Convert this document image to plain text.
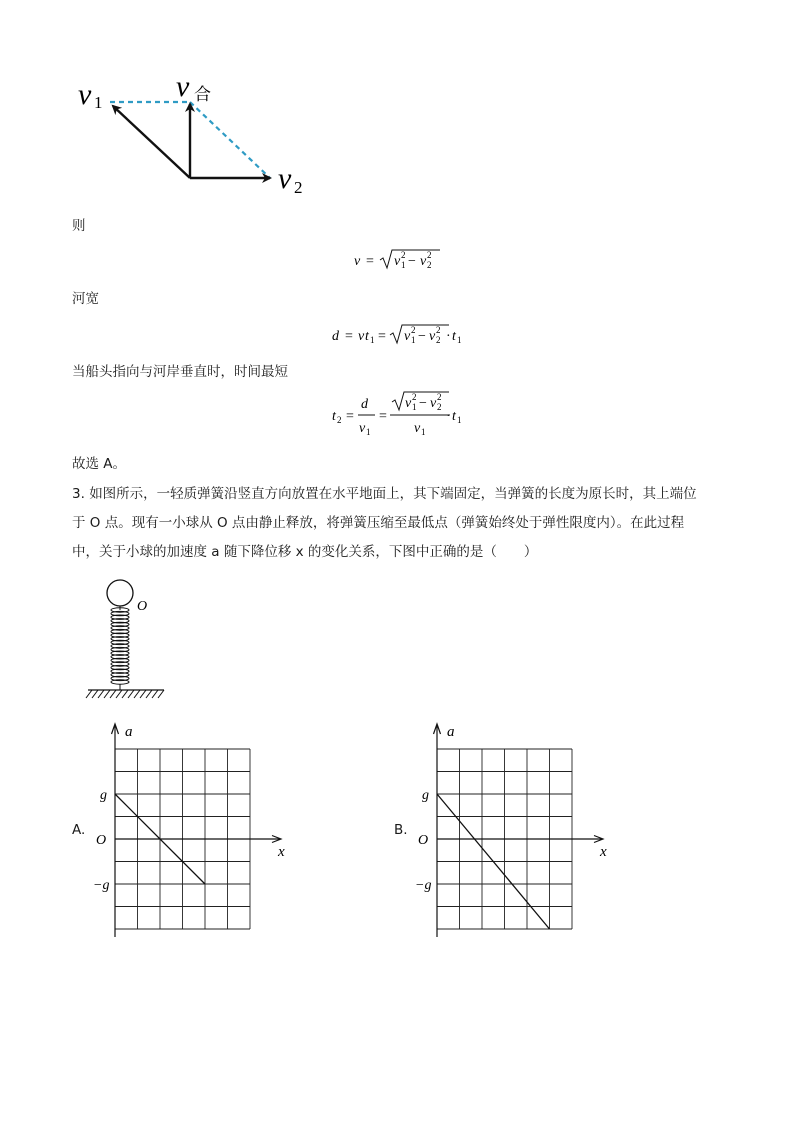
v 1 v 合
v 2
则
v = v 1
2 − v 2
2
河宽
d = v t 1 = v 1
2 − v 2
2 · t 1
当船头指向与河岸垂直时，时间最短
t 2 =
d
v 1
=
v 1
2 − v 2
2
v 1
· t 1
故选 A。
3. 如图所示，一轻质弹簧沿竖直方向放置在水平地面上，其下端固定，当弹簧的长度为原长时，其上端位
于 O 点。现有一小球从 O 点由静止释放，将弹簧压缩至最低点（弹簧始终处于弹性限度内）。在此过程
中，关于小球的加速度 a 随下降位移 x 的变化关系，下图中正确的是（　　）
O
A.
a
x
g
O
−g
B.
a
x
g
O
−g
